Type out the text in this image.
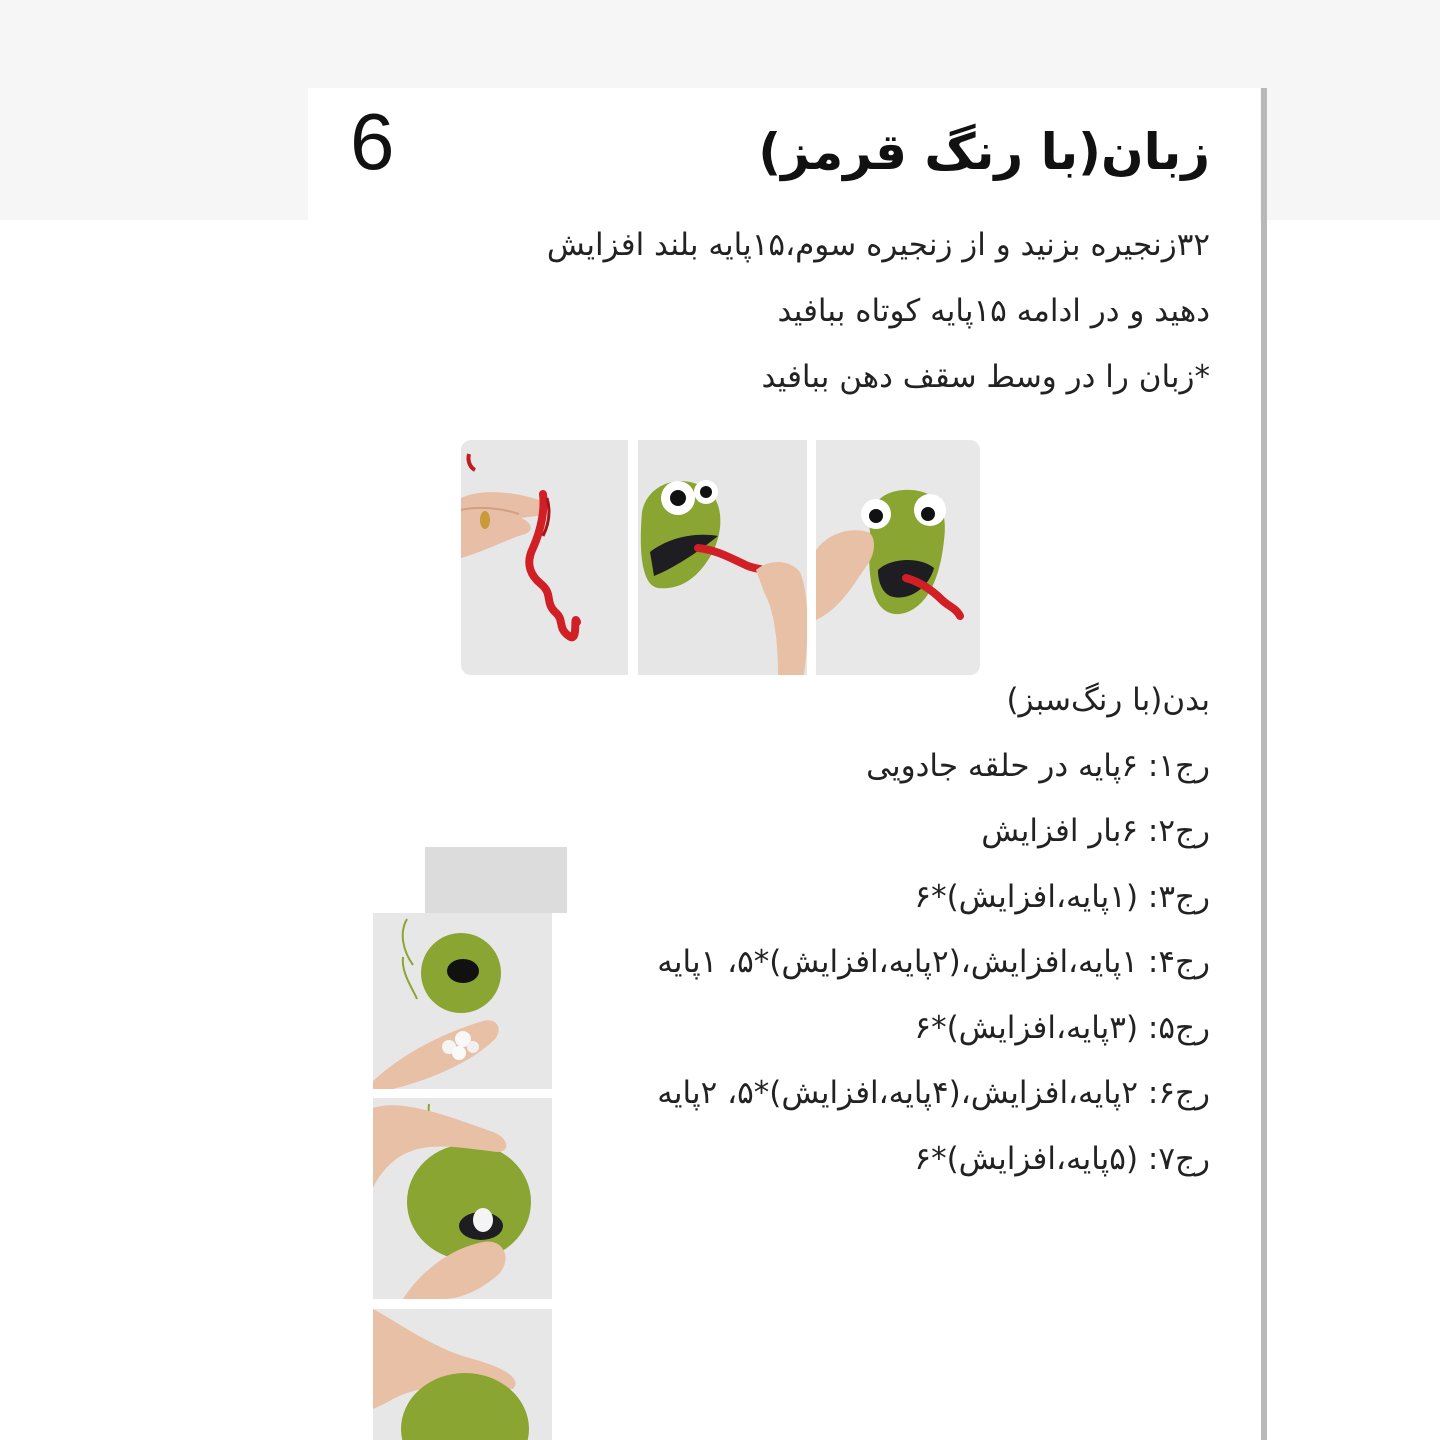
6	زبان(با رنگ قرمز)
۳۲زنجیره بزنید و از زنجیره سوم،۱۵پایه بلند افزایش
دهید و در ادامه ۱۵پایه کوتاه ببافید
*زبان را در وسط سقف دهن ببافید
بدن(با رنگ‌سبز)
رج۱: ۶پایه در حلقه جادویی
رج۲: ۶بار افزایش
رج۳: (۱پایه،افزایش)*۶
رج۴: ۱پایه،افزایش،(۲پایه،افزایش)*۵، ۱پایه
رج۵: (۳پایه،افزایش)*۶
رج۶: ۲پایه،افزایش،(۴پایه،افزایش)*۵، ۲پایه
رج۷: (۵پایه،افزایش)*۶
